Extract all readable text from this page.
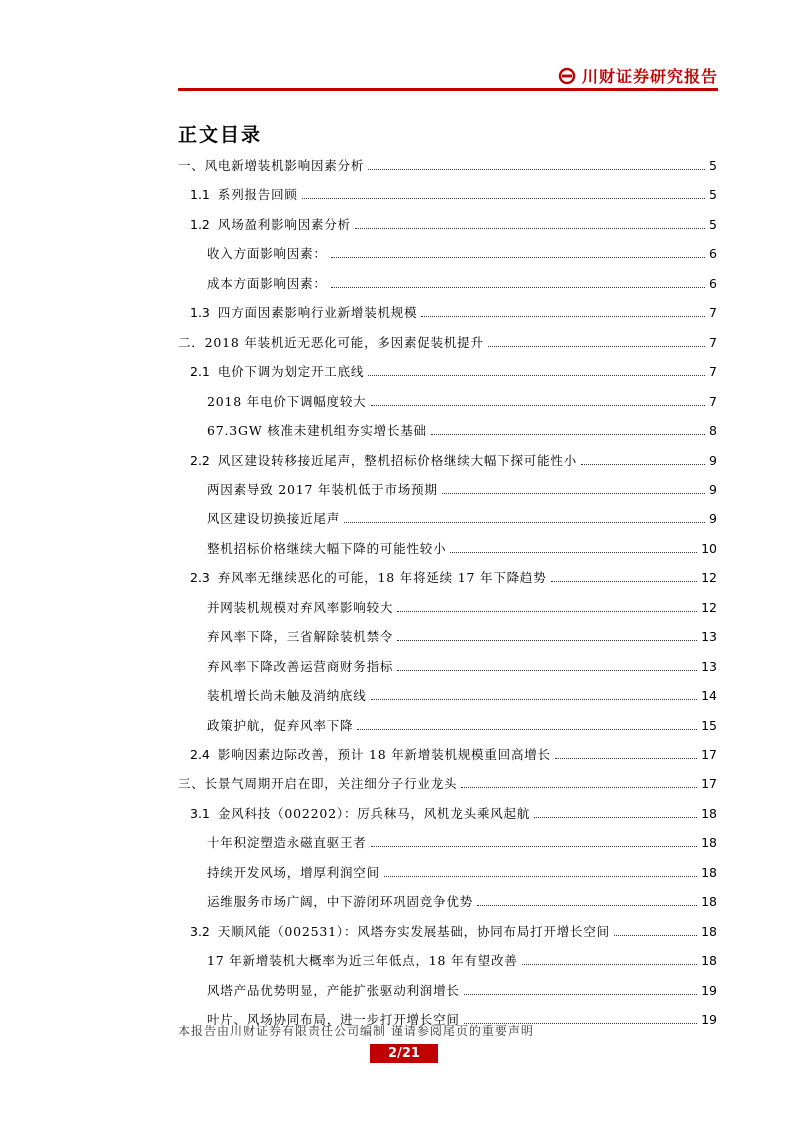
川财证券研究报告
正文目录
一、风电新增装机影响因素分析	5
1.1 系列报告回顾	5
1.2 风场盈利影响因素分析	5
收入方面影响因素：	6
成本方面影响因素：	6
1.3 四方面因素影响行业新增装机规模	7
二．2018 年装机近无恶化可能，多因素促装机提升	7
2.1 电价下调为划定开工底线	7
2018 年电价下调幅度较大	7
67.3GW 核准未建机组夯实增长基础	8
2.2 风区建设转移接近尾声，整机招标价格继续大幅下探可能性小	9
两因素导致 2017 年装机低于市场预期	9
风区建设切换接近尾声	9
整机招标价格继续大幅下降的可能性较小	10
2.3 弃风率无继续恶化的可能，18 年将延续 17 年下降趋势	12
并网装机规模对弃风率影响较大	12
弃风率下降，三省解除装机禁令	13
弃风率下降改善运营商财务指标	13
装机增长尚未触及消纳底线	14
政策护航，促弃风率下降	15
2.4 影响因素边际改善，预计 18 年新增装机规模重回高增长	17
三、长景气周期开启在即，关注细分子行业龙头	17
3.1 金风科技（002202）：厉兵秣马，风机龙头乘风起航	18
十年积淀塑造永磁直驱王者	18
持续开发风场，增厚利润空间	18
运维服务市场广阔，中下游闭环巩固竞争优势	18
3.2 天顺风能（002531）：风塔夯实发展基础，协同布局打开增长空间	18
17 年新增装机大概率为近三年低点，18 年有望改善	18
风塔产品优势明显，产能扩张驱动利润增长	19
叶片、风场协同布局，进一步打开增长空间	19
本报告由川财证券有限责任公司编制 谨请参阅尾页的重要声明
2/21
